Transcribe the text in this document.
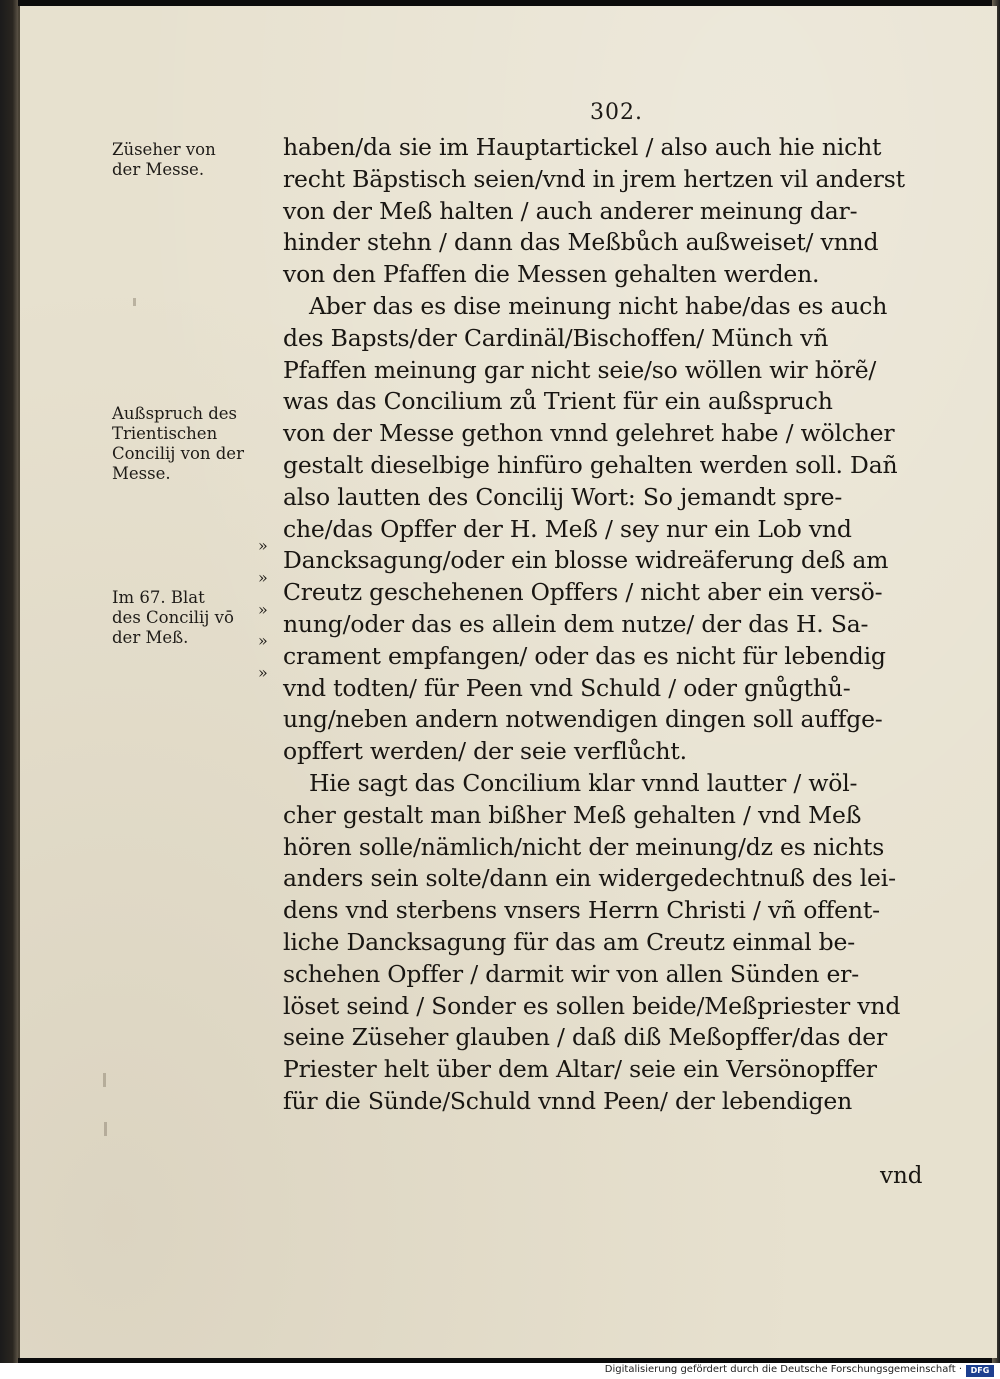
302.
Züseher von
der Messe.
Außspruch des
Trientischen
Concilij von der
Messe.
Im 67. Blat
des Concilij vō
der Meß.
»
»
»
»
»
haben/da sie im Hauptartickel / also auch hie nicht
recht Bäpstisch seien/vnd in jrem hertzen vil anderst
von der Meß halten / auch anderer meinung dar-
hinder stehn / dann das Meßbůch außweiset/ vnnd
von den Pfaffen die Messen gehalten werden.
Aber das es dise meinung nicht habe/das es auch
des Bapsts/der Cardinäl/Bischoffen/ Münch vñ
Pfaffen meinung gar nicht seie/so wöllen wir hörẽ/
was das Concilium zů Trient für ein außspruch
von der Messe gethon vnnd gelehret habe / wölcher
gestalt dieselbige hinfüro gehalten werden soll. Dañ
also lautten des Concilij Wort: So jemandt spre-
che/das Opffer der H. Meß / sey nur ein Lob vnd
Dancksagung/oder ein blosse widreäferung deß am
Creutz geschehenen Opffers / nicht aber ein versö-
nung/oder das es allein dem nutze/ der das H. Sa-
crament empfangen/ oder das es nicht für lebendig
vnd todten/ für Peen vnd Schuld / oder gnůgthů-
ung/neben andern notwendigen dingen soll auffge-
opffert werden/ der seie verflůcht.
Hie sagt das Concilium klar vnnd lautter / wöl-
cher gestalt man bißher Meß gehalten / vnd Meß
hören solle/nämlich/nicht der meinung/dz es nichts
anders sein solte/dann ein widergedechtnuß des lei-
dens vnd sterbens vnsers Herrn Christi / vñ offent-
liche Dancksagung für das am Creutz einmal be-
schehen Opffer / darmit wir von allen Sünden er-
löset seind / Sonder es sollen beide/Meßpriester vnd
seine Züseher glauben / daß diß Meßopffer/das der
Priester helt über dem Altar/ seie ein Versönopffer
für die Sünde/Schuld vnnd Peen/ der lebendigen
vnd
Digitalisierung gefördert durch die Deutsche Forschungsgemeinschaft ·	DFG
